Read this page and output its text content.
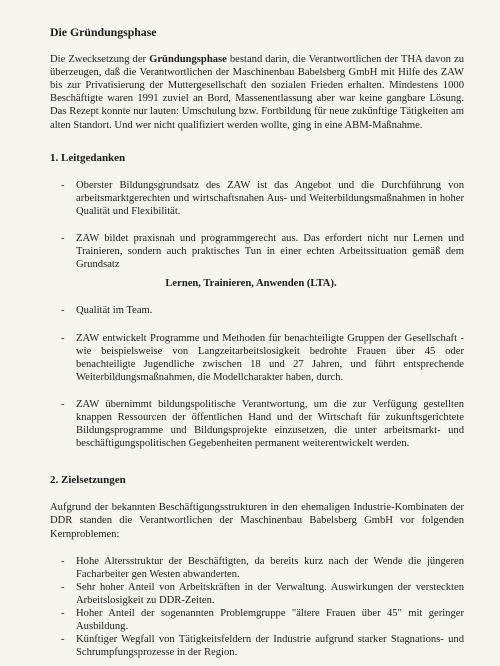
Die Gründungsphase

Die Zwecksetzung der Gründungsphase bestand darin, die Verantwortlichen der THA davon zu überzeugen, daß die Verantwortlichen der Maschinenbau Babelsberg GmbH mit Hilfe des ZAW bis zur Privatisierung der Muttergesellschaft den sozialen Frieden erhalten. Mindestens 1000 Beschäftigte waren 1991 zuviel an Bord, Massenentlassung aber war keine gangbare Lösung. Das Rezept konnte nur lauten: Umschulung bzw. Fortbildung für neue zukünftige Tätigkeiten am alten Standort. Und wer nicht qualifiziert werden wollte, ging in eine ABM-Maßnahme.

1. Leitgedanken
- Oberster Bildungsgrundsatz des ZAW ist das Angebot und die Durchführung von arbeitsmarktgerechten und wirtschaftsnahen Aus- und Weiterbildungsmaßnahmen in hoher Qualität und Flexibilität.
- ZAW bildet praxisnah und programmgerecht aus. Das erfordert nicht nur Lernen und Trainieren, sondern auch praktisches Tun in einer echten Arbeitssituation gemäß dem Grundsatz
Lernen, Trainieren, Anwenden (LTA).
- Qualität im Team.
- ZAW entwickelt Programme und Methoden für benachteiligte Gruppen der Gesellschaft - wie beispielsweise von Langzeitarbeitslosigkeit bedrohte Frauen über 45 oder benachteiligte Jugendliche zwischen 18 und 27 Jahren, und führt entsprechende Weiterbildungsmaßnahmen, die Modellcharakter haben, durch.
- ZAW übernimmt bildungspolitische Verantwortung, um die zur Verfügung gestellten knappen Ressourcen der öffentlichen Hand und der Wirtschaft für zukunftsgerichtete Bildungsprogramme und Bildungsprojekte einzusetzen, die unter arbeitsmarkt- und beschäftigungspolitischen Gegebenheiten permanent weiterentwickelt werden.
2. Zielsetzungen

Aufgrund der bekannten Beschäftigungsstrukturen in den ehemaligen Industrie-Kombinaten der DDR standen die Verantwortlichen der Maschinenbau Babelsberg GmbH vor folgenden Kernproblemen:

- Hohe Altersstruktur der Beschäftigten, da bereits kurz nach der Wende die jüngeren Facharbeiter gen Westen abwanderten.
- Sehr hoher Anteil von Arbeitskräften in der Verwaltung. Auswirkungen der versteckten Arbeitslosigkeit zu DDR-Zeiten.
- Hoher Anteil der sogenannten Problemgruppe "ältere Frauen über 45" mit geringer Ausbildung.
- Künftiger Wegfall von Tätigkeitsfeldern der Industrie aufgrund starker Stagnations- und Schrumpfungsprozesse in der Region.
